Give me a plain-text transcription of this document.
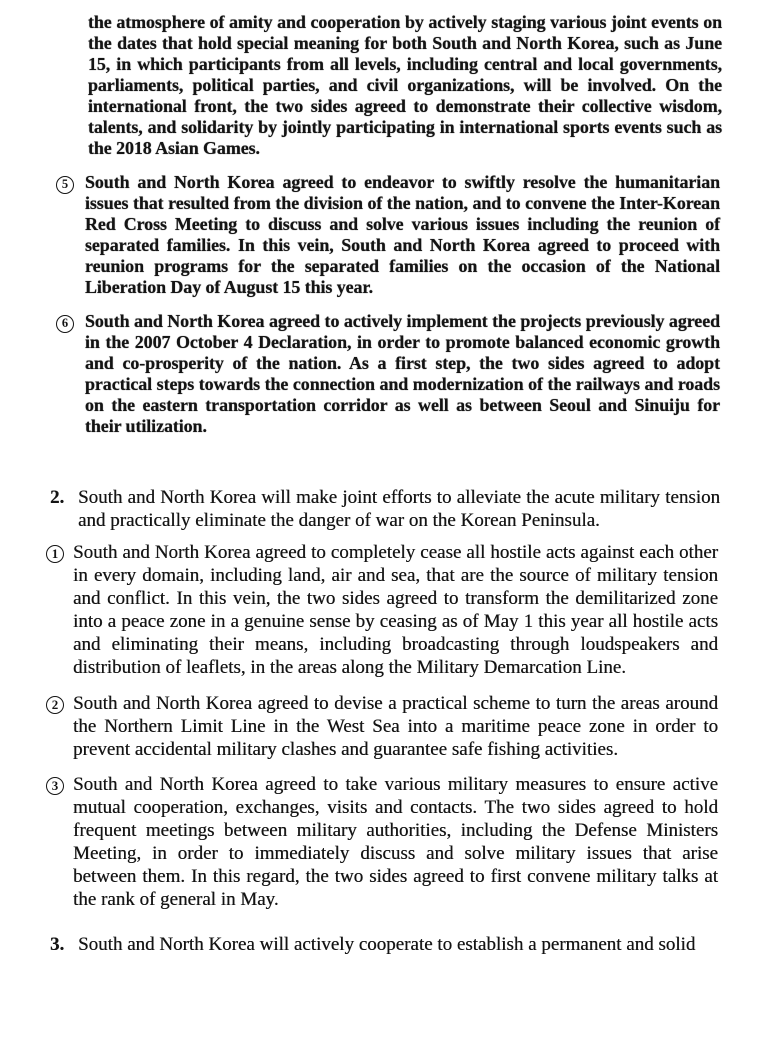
the atmosphere of amity and cooperation by actively staging various joint events on the dates that hold special meaning for both South and North Korea, such as June 15, in which participants from all levels, including central and local governments, parliaments, political parties, and civil organizations, will be involved. On the international front, the two sides agreed to demonstrate their collective wisdom, talents, and solidarity by jointly participating in international sports events such as the 2018 Asian Games.
5 South and North Korea agreed to endeavor to swiftly resolve the humanitarian issues that resulted from the division of the nation, and to convene the Inter-Korean Red Cross Meeting to discuss and solve various issues including the reunion of separated families. In this vein, South and North Korea agreed to proceed with reunion programs for the separated families on the occasion of the National Liberation Day of August 15 this year.
6 South and North Korea agreed to actively implement the projects previously agreed in the 2007 October 4 Declaration, in order to promote balanced economic growth and co-prosperity of the nation. As a first step, the two sides agreed to adopt practical steps towards the connection and modernization of the railways and roads on the eastern transportation corridor as well as between Seoul and Sinuiju for their utilization.
2. South and North Korea will make joint efforts to alleviate the acute military tension and practically eliminate the danger of war on the Korean Peninsula.
1 South and North Korea agreed to completely cease all hostile acts against each other in every domain, including land, air and sea, that are the source of military tension and conflict. In this vein, the two sides agreed to transform the demilitarized zone into a peace zone in a genuine sense by ceasing as of May 1 this year all hostile acts and eliminating their means, including broadcasting through loudspeakers and distribution of leaflets, in the areas along the Military Demarcation Line.
2 South and North Korea agreed to devise a practical scheme to turn the areas around the Northern Limit Line in the West Sea into a maritime peace zone in order to prevent accidental military clashes and guarantee safe fishing activities.
3 South and North Korea agreed to take various military measures to ensure active mutual cooperation, exchanges, visits and contacts. The two sides agreed to hold frequent meetings between military authorities, including the Defense Ministers Meeting, in order to immediately discuss and solve military issues that arise between them. In this regard, the two sides agreed to first convene military talks at the rank of general in May.
3. South and North Korea will actively cooperate to establish a permanent and solid
